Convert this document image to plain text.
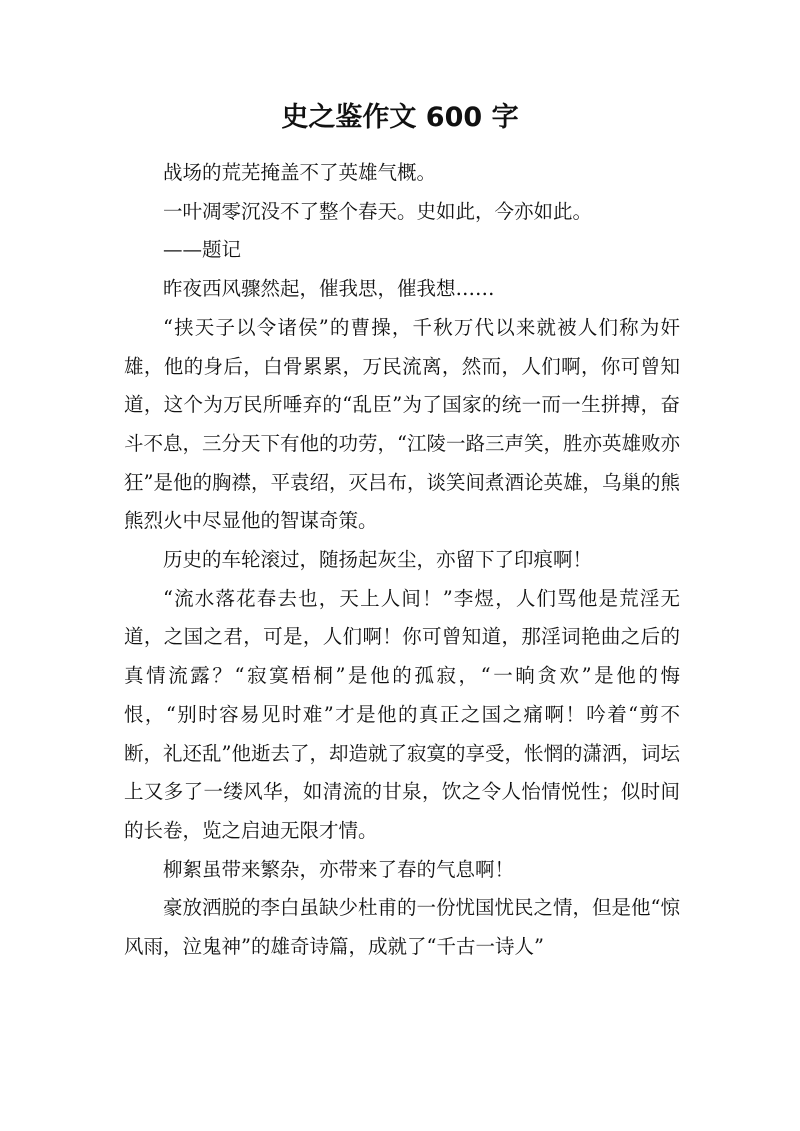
史之鉴作文 600 字

战场的荒芜掩盖不了英雄气概。

一叶凋零沉没不了整个春天。史如此，今亦如此。

——题记

昨夜西风骤然起，催我思，催我想……

“挟天子以令诸侯”的曹操，千秋万代以来就被人们称为奸雄，他的身后，白骨累累，万民流离，然而，人们啊，你可曾知道，这个为万民所唾弃的“乱臣”为了国家的统一而一生拼搏，奋斗不息，三分天下有他的功劳，“江陵一路三声笑，胜亦英雄败亦狂”是他的胸襟，平袁绍，灭吕布，谈笑间煮酒论英雄，乌巢的熊熊烈火中尽显他的智谋奇策。

历史的车轮滚过，随扬起灰尘，亦留下了印痕啊！

“流水落花春去也，天上人间！”李煜，人们骂他是荒淫无道，之国之君，可是，人们啊！你可曾知道，那淫词艳曲之后的真情流露？“寂寞梧桐”是他的孤寂，“一晌贪欢”是他的悔恨，“别时容易见时难”才是他的真正之国之痛啊！吟着“剪不断，礼还乱”他逝去了，却造就了寂寞的享受，怅惘的潇洒，词坛上又多了一缕风华，如清流的甘泉，饮之令人怡情悦性；似时间的长卷，览之启迪无限才情。

柳絮虽带来繁杂，亦带来了春的气息啊！

豪放洒脱的李白虽缺少杜甫的一份忧国忧民之情，但是他“惊风雨，泣鬼神”的雄奇诗篇，成就了“千古一诗人”
